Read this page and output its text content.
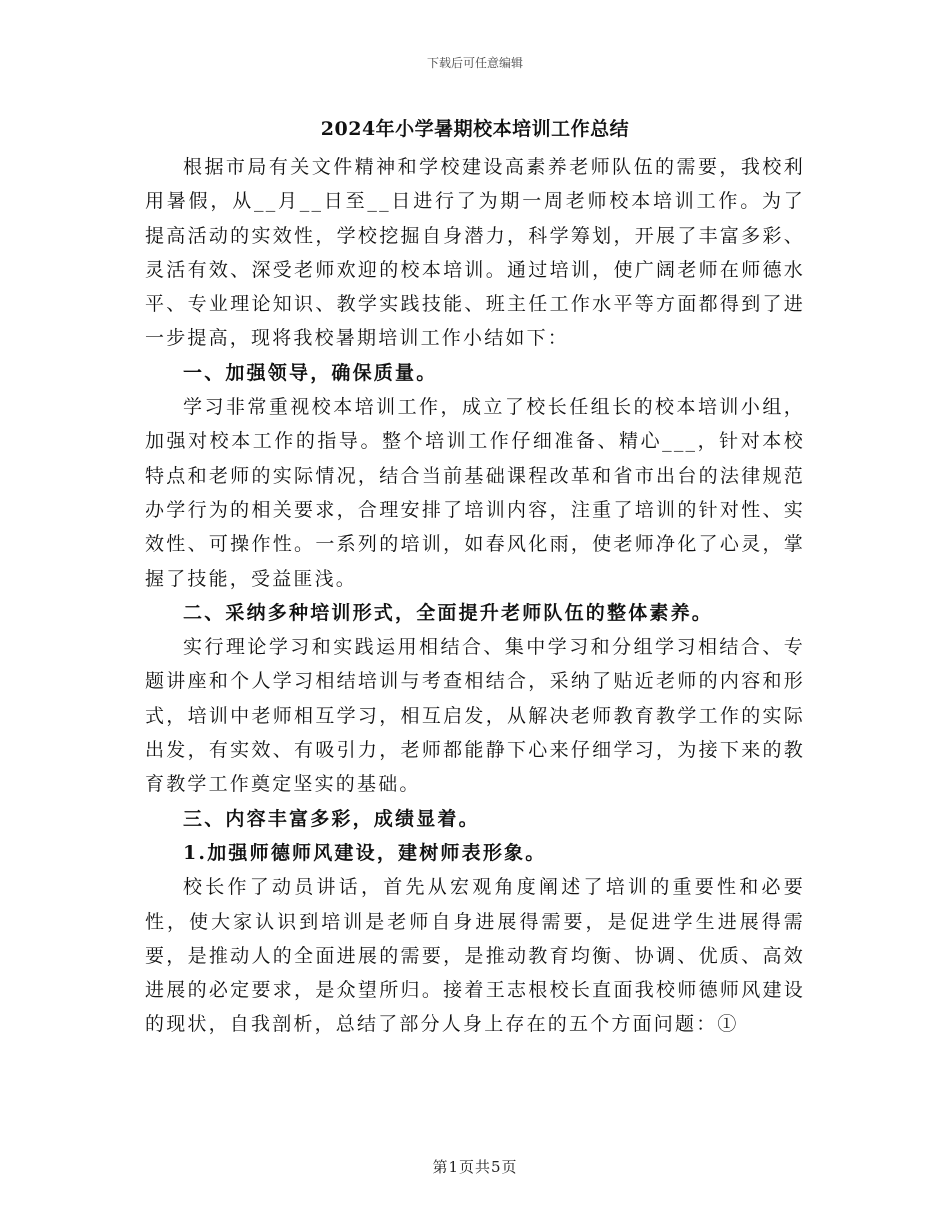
下载后可任意编辑
2024年小学暑期校本培训工作总结

根据市局有关文件精神和学校建设高素养老师队伍的需要，我校利用暑假，从__月__日至__日进行了为期一周老师校本培训工作。为了提高活动的实效性，学校挖掘自身潜力，科学筹划，开展了丰富多彩、灵活有效、深受老师欢迎的校本培训。通过培训，使广阔老师在师德水平、专业理论知识、教学实践技能、班主任工作水平等方面都得到了进一步提高，现将我校暑期培训工作小结如下：

一、加强领导，确保质量。

学习非常重视校本培训工作，成立了校长任组长的校本培训小组，加强对校本工作的指导。整个培训工作仔细准备、精心___，针对本校特点和老师的实际情况，结合当前基础课程改革和省市出台的法律规范办学行为的相关要求，合理安排了培训内容，注重了培训的针对性、实效性、可操作性。一系列的培训，如春风化雨，使老师净化了心灵，掌握了技能，受益匪浅。

二、采纳多种培训形式，全面提升老师队伍的整体素养。

实行理论学习和实践运用相结合、集中学习和分组学习相结合、专题讲座和个人学习相结培训与考查相结合，采纳了贴近老师的内容和形式，培训中老师相互学习，相互启发，从解决老师教育教学工作的实际出发，有实效、有吸引力，老师都能静下心来仔细学习，为接下来的教育教学工作奠定坚实的基础。

三、内容丰富多彩，成绩显着。

1.加强师德师风建设，建树师表形象。

校长作了动员讲话，首先从宏观角度阐述了培训的重要性和必要性，使大家认识到培训是老师自身进展得需要，是促进学生进展得需要，是推动人的全面进展的需要，是推动教育均衡、协调、优质、高效进展的必定要求，是众望所归。接着王志根校长直面我校师德师风建设的现状，自我剖析，总结了部分人身上存在的五个方面问题：①

第1页共5页
